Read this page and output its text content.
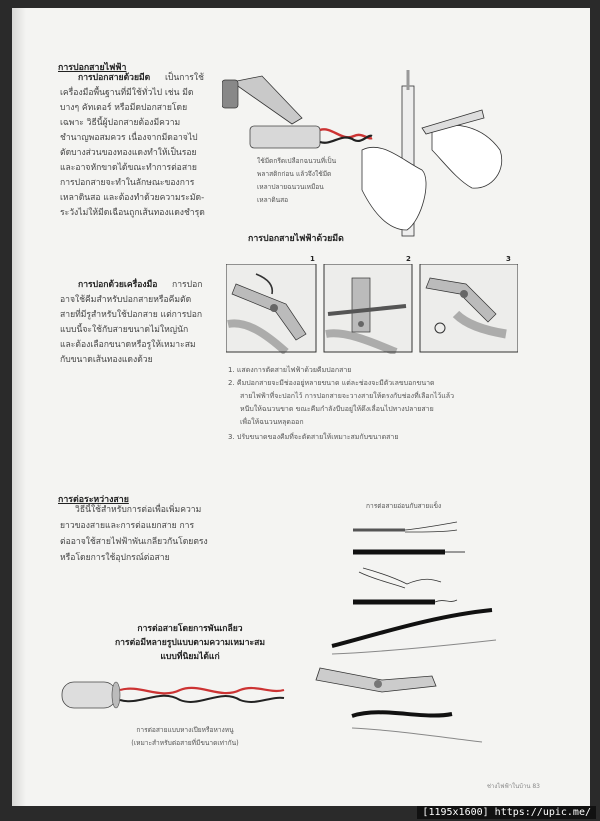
การปอกสายไฟฟ้า
การปอกสายด้วยมีด เป็นการใช้
เครื่องมือพื้นฐานที่มีใช้ทั่วไป เช่น มีด
บางๆ คัทเตอร์ หรือมีดปอกสายโดย
เฉพาะ วิธีนี้ผู้ปอกสายต้องมีความ
ชำนาญพอสมควร เนื่องจากมีดอาจไป
ตัดบางส่วนของทองแดงทำให้เป็นรอย
และอาจหักขาดได้ขณะทำการต่อสาย
การปอกสายจะทำในลักษณะของการ
เหลาดินสอ และต้องทำด้วยความระมัด-
ระวังไม่ให้มีดเฉือนถูกเส้นทองแดงชำรุด
ใช้มีดกรีดเปลือกฉนวนที่เป็น
พลาสติกก่อน แล้วจึงใช้มีด
เหลาปลายฉนวนเหมือน
เหลาดินสอ
การปอกสายไฟฟ้าด้วยมีด
การปอกด้วยเครื่องมือ การปอก
อาจใช้คีมสำหรับปอกสายหรือคีมตัด
สายที่มีรูสำหรับใช้ปอกสาย แต่การปอก
แบบนี้จะใช้กับสายขนาดไม่ใหญ่นัก
และต้องเลือกขนาดหรือรูให้เหมาะสม
กับขนาดเส้นทองแดงด้วย
1	2	3
1. แสดงการตัดสายไฟฟ้าด้วยคีมปอกสาย
2. คีมปอกสายจะมีช่องอยู่หลายขนาด แต่ละช่องจะมีตัวเลขบอกขนาด
สายไฟฟ้าที่จะปอกไว้ การปอกสายจะวางสายให้ตรงกับช่องที่เลือกไว้แล้ว
หนีบให้ฉนวนขาด ขณะคีมกำลังบีบอยู่ให้ดึงเลื่อนไปทางปลายสาย
เพื่อให้ฉนวนหลุดออก
3. ปรับขนาดของคีมที่จะตัดสายให้เหมาะสมกับขนาดสาย
การต่อระหว่างสาย
วิธีนี้ใช้สำหรับการต่อเพื่อเพิ่มความ
ยาวของสายและการต่อแยกสาย การ
ต่ออาจใช้สายไฟฟ้าพันเกลียวกันโดยตรง
หรือโดยการใช้อุปกรณ์ต่อสาย
การต่อสายอ่อนกับสายแข็ง
การต่อสายโดยการพันเกลียว
การต่อมีหลายรูปแบบตามความเหมาะสม
แบบที่นิยมได้แก่
การต่อสายแบบหางเปียหรือหางหนู
(เหมาะสำหรับต่อสายที่มีขนาดเท่ากัน)
ช่างไฟฟ้าในบ้าน 83
[1195x1600] https://upic.me/
